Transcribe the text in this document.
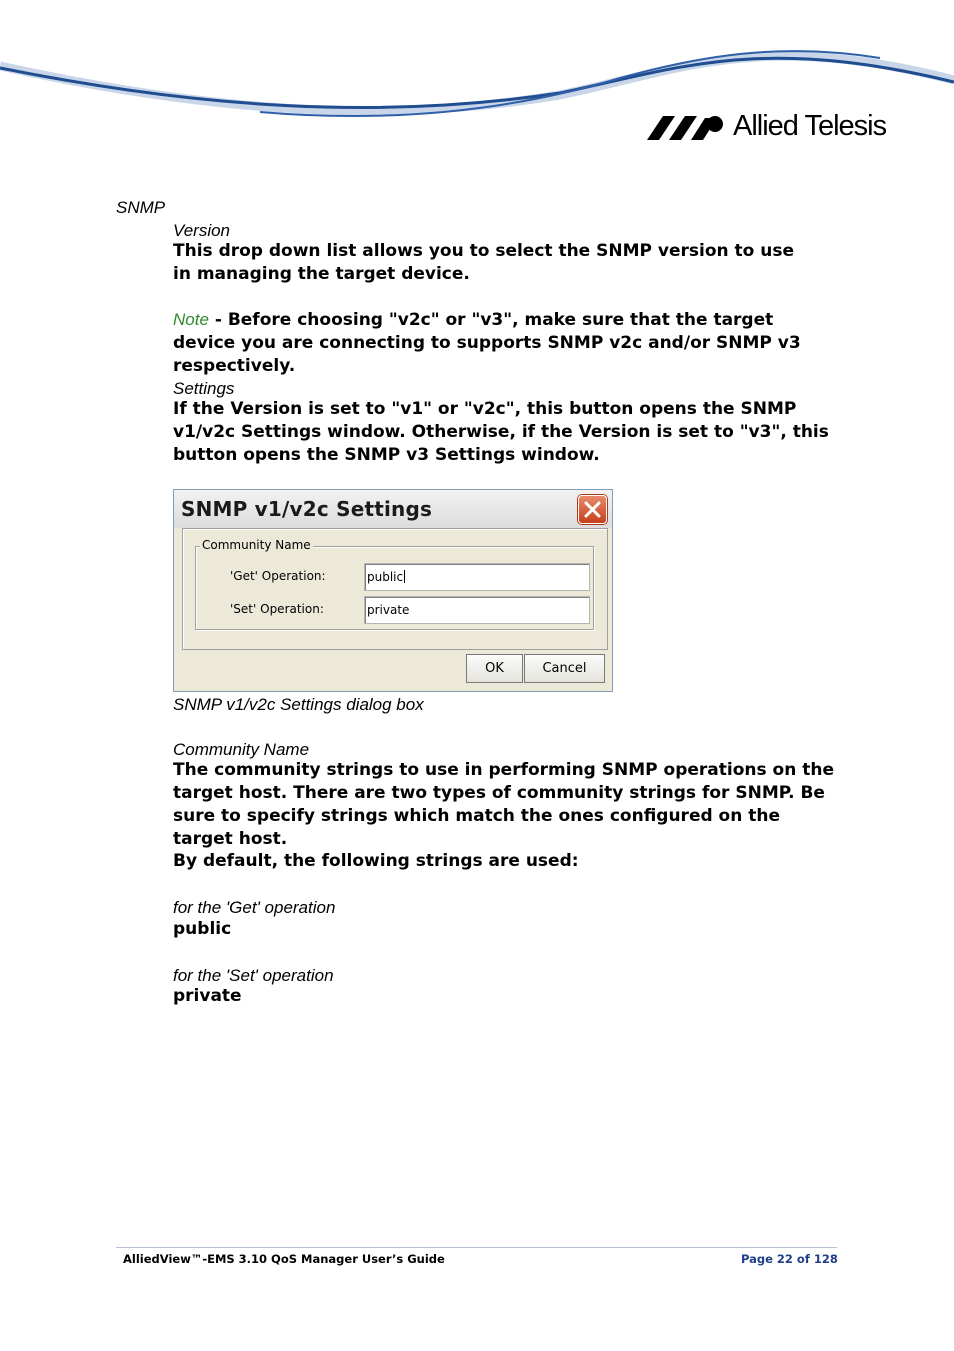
Allied Telesis
SNMP
Version
This drop down list allows you to select the SNMP version to use in managing the target device.
Note - Before choosing "v2c" or "v3", make sure that the target device you are connecting to supports SNMP v2c and/or SNMP v3 respectively.
Settings
If the Version is set to "v1" or "v2c", this button opens the SNMP v1/v2c Settings window. Otherwise, if the Version is set to "v3", this button opens the SNMP v3 Settings window.
SNMP v1/v2c Settings
Community Name
'Get' Operation:	public
'Set' Operation:	private
OK	Cancel
SNMP v1/v2c Settings dialog box
Community Name
The community strings to use in performing SNMP operations on the target host. There are two types of community strings for SNMP. Be sure to specify strings which match the ones configured on the target host.
By default, the following strings are used:
for the 'Get' operation
public
for the 'Set' operation
private
AlliedView™-EMS 3.10 QoS Manager User’s Guide	Page 22 of 128
